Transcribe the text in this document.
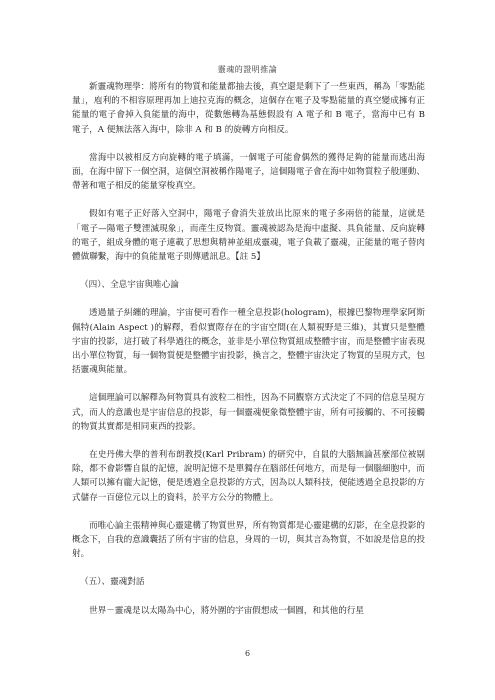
靈魂的證明推論

新靈魂物理學：將所有的物質和能量都抽去後，真空還是剩下了一些東西，稱為「零點能量」，庖利的不相容原理再加上迪拉克海的概念，這個存在電子及零點能量的真空變成擁有正能量的電子會掉入負能量的海中，從數態轉為基態假設有 A 電子和 B 電子，當海中已有 B 電子，A 便無法落入海中，除非 A 和 B 的旋轉方向相反。

當海中以被相反方向旋轉的電子填滿，一個電子可能會偶然的獲得足夠的能量而逃出海面，在海中留下一個空洞，這個空洞被稱作陽電子，這個陽電子會在海中如物質粒子般運動、帶著和電子相反的能量穿梭真空。

假如有電子正好落入空洞中，陽電子會消失並放出比原來的電子多兩倍的能量，這就是「電子—陽電子雙湮滅現象」，而產生反物質。靈魂被認為是海中虛擬、具負能量、反向旋轉的電子，組成身體的電子連載了思想與精神並組成靈魂，電子負載了靈魂，正能量的電子替肉體做聯繫，海中的負能量電子則傳遞訊息。【註 5】

（四）、全息宇宙與唯心論

透過量子糾纏的理論，宇宙便可看作一種全息投影(hologram)，根據巴黎物理學家阿斯佩特(Alain Aspect )的解釋，看似實際存在的宇宙空間(在人類視野是三維)，其實只是整體宇宙的投影，這打破了科學過往的概念，並非是小單位物質組成整體宇宙，而是整體宇宙表現出小單位物質，每一個物質便是整體宇宙投影，換言之，整體宇宙決定了物質的呈現方式，包括靈魂與能量。

這個理論可以解釋為何物質具有波粒二相性，因為不同觀察方式決定了不同的信息呈現方式，而人的意識也是宇宙信息的投影，每一個靈魂便象徵整體宇宙，所有可接觸的、不可接觸的物質其實都是相同東西的投影。

在史丹佛大學的普利布朗教授(Karl Pribram) 的研究中，自鼠的大腦無論甚麼部位被剔除，都不會影響自鼠的記憶，說明記憶不是單獨存在腦部任何地方，而是每一個腦細胞中，而人類可以擁有龐大記憶，便是透過全息投影的方式，因為以人類科技，便能透過全息投影的方式儲存一百億位元以上的資料，於平方公分的物體上。

而唯心論主張精神與心靈建構了物質世界，所有物質都是心靈建構的幻影，在全息投影的概念下，自我的意識囊括了所有宇宙的信息，身周的一切，與其言為物質，不如說是信息的投射。

（五）、靈魂對話

世界－靈魂是以太陽為中心，將外圍的宇宙假想成一個圓，和其他的行星

6
